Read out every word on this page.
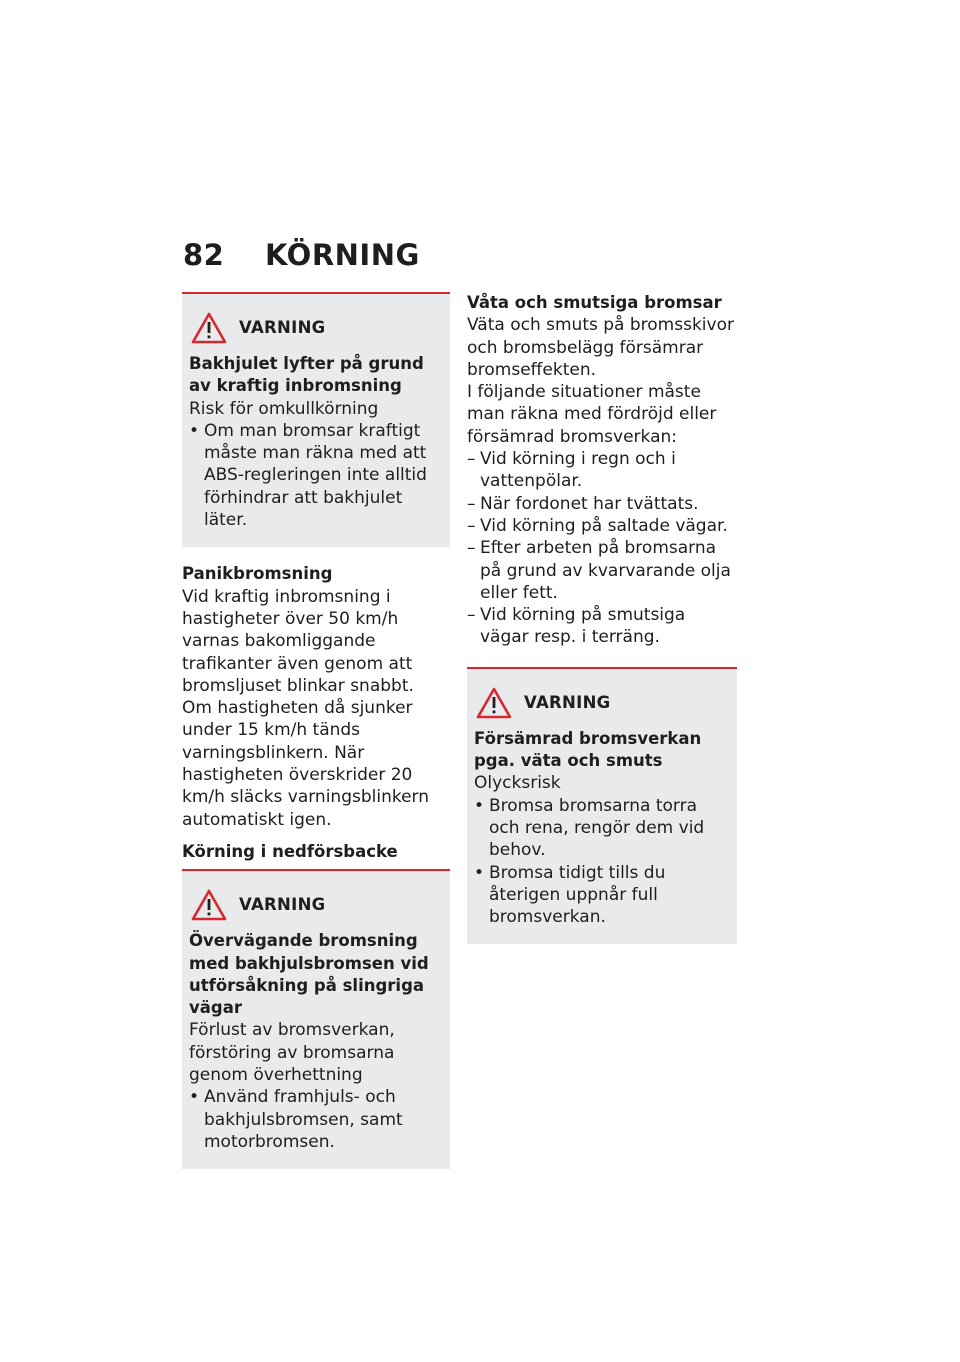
82 KÖRNING
VARNING
Bakhjulet lyfter på grund av kraftig inbromsning
Risk för omkullkörning
• Om man bromsar kraftigt måste man räkna med att ABS-regleringen inte alltid förhindrar att bakhjulet läter.
Panikbromsning
Vid kraftig inbromsning i hastigheter över 50 km/h varnas bakomliggande trafikanter även genom att bromsljuset blinkar snabbt.
Om hastigheten då sjunker under 15 km/h tänds varningsblinkern. När hastigheten överskrider 20 km/h släcks varningsblinkern automatiskt igen.
Körning i nedförsbacke
VARNING
Övervägande bromsning med bakhjulsbromsen vid utförsåkning på slingriga vägar
Förlust av bromsverkan, förstöring av bromsarna genom överhettning
• Använd framhjuls- och bakhjulsbromsen, samt motorbromsen.
Våta och smutsiga bromsar
Väta och smuts på bromsskivor och bromsbelägg försämrar bromseffekten.
I följande situationer måste man räkna med fördröjd eller försämrad bromsverkan:
– Vid körning i regn och i vattenpölar.
– När fordonet har tvättats.
– Vid körning på saltade vägar.
– Efter arbeten på bromsarna på grund av kvarvarande olja eller fett.
– Vid körning på smutsiga vägar resp. i terräng.
VARNING
Försämrad bromsverkan pga. väta och smuts
Olycksrisk
• Bromsa bromsarna torra och rena, rengör dem vid behov.
• Bromsa tidigt tills du återigen uppnår full bromsverkan.
